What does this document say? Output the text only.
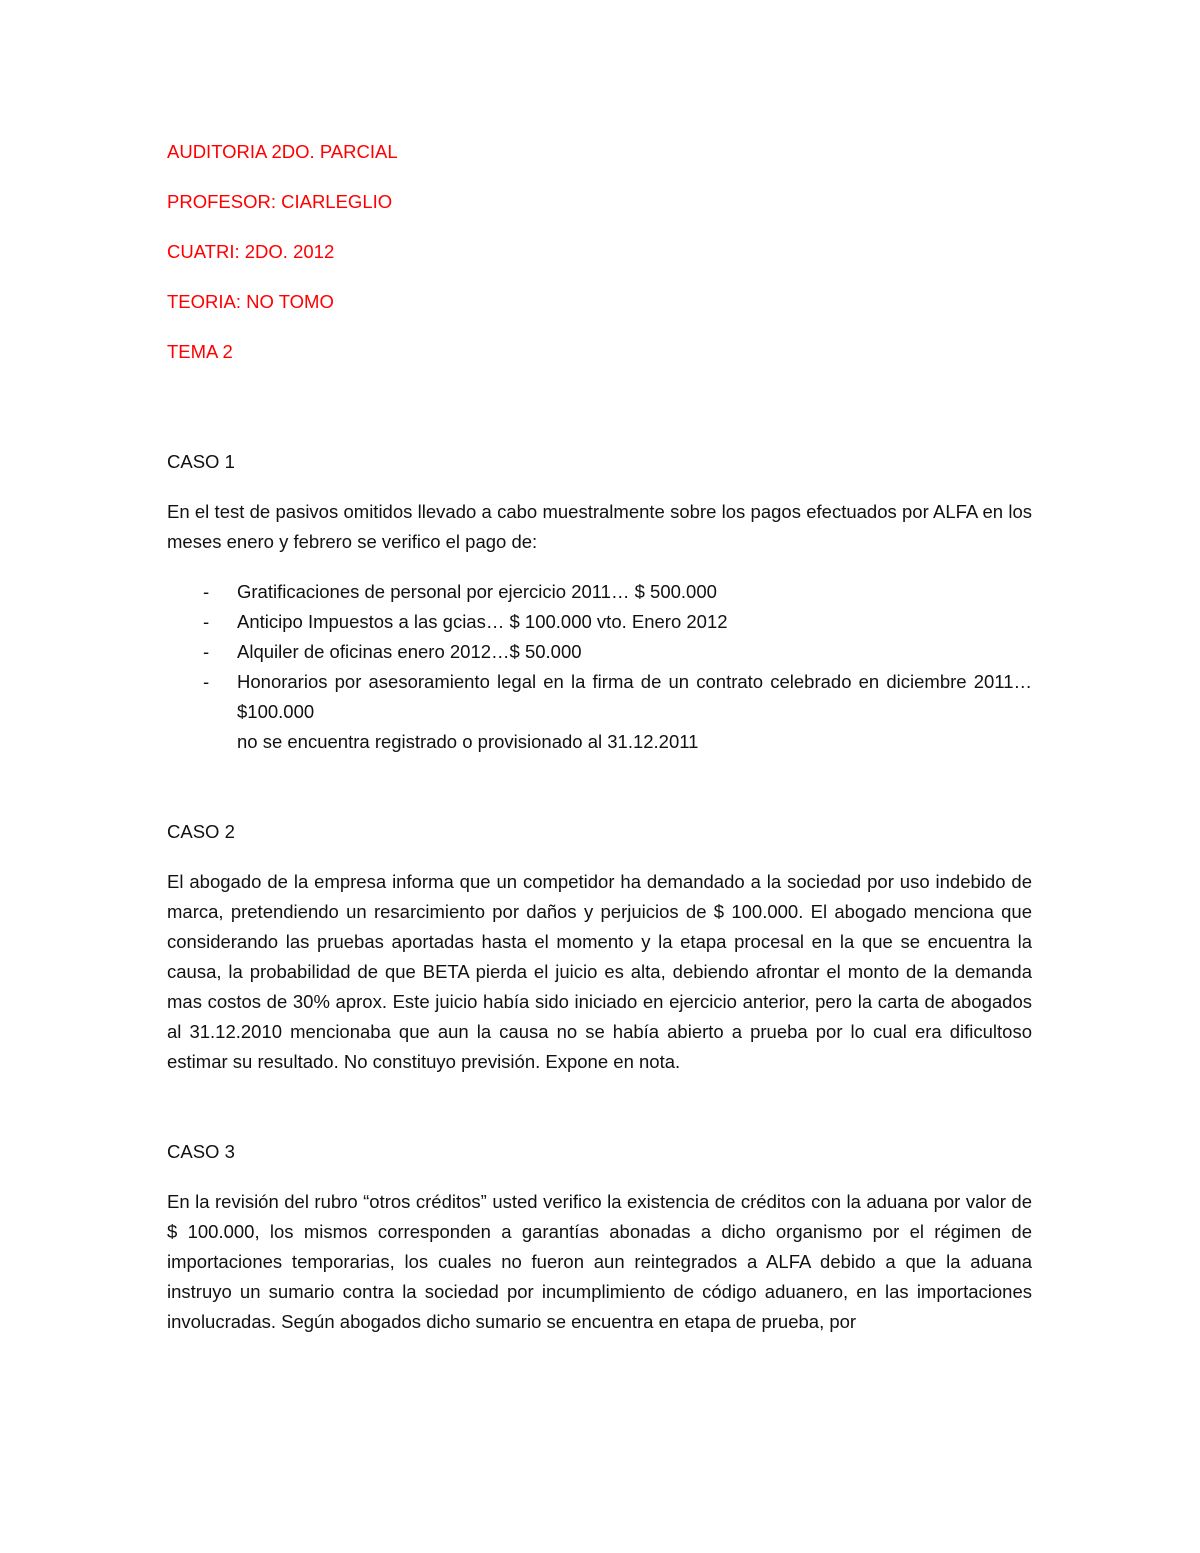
AUDITORIA 2DO. PARCIAL

PROFESOR: CIARLEGLIO

CUATRI: 2DO. 2012

TEORIA: NO TOMO

TEMA 2

CASO 1

En el test de pasivos omitidos llevado a cabo muestralmente sobre los pagos efectuados por ALFA en los meses enero y febrero se verifico el pago de:

- Gratificaciones de personal por ejercicio 2011… $ 500.000
- Anticipo Impuestos a las gcias… $ 100.000 vto. Enero 2012
- Alquiler de oficinas enero 2012…$ 50.000
- Honorarios por asesoramiento legal en la firma de un contrato celebrado en diciembre 2011… $100.000
no se encuentra registrado o provisionado al 31.12.2011

CASO 2

El abogado de la empresa informa que un competidor ha demandado a la sociedad por uso indebido de marca, pretendiendo un resarcimiento por daños y perjuicios de $ 100.000. El abogado menciona que considerando las pruebas aportadas hasta el momento y la etapa procesal en la que se encuentra la causa, la probabilidad de que BETA pierda el juicio es alta, debiendo afrontar el monto de la demanda mas costos de 30% aprox. Este juicio había sido iniciado en ejercicio anterior, pero la carta de abogados al 31.12.2010 mencionaba que aun la causa no se había abierto a prueba por lo cual era dificultoso estimar su resultado. No constituyo previsión. Expone en nota.

CASO 3

En la revisión del rubro “otros créditos” usted verifico la existencia de créditos con la aduana por valor de $ 100.000, los mismos corresponden a garantías abonadas a dicho organismo por el régimen de importaciones temporarias, los cuales no fueron aun reintegrados a ALFA debido a que la aduana instruyo un sumario contra la sociedad por incumplimiento de código aduanero, en las importaciones involucradas. Según abogados dicho sumario se encuentra en etapa de prueba, por
